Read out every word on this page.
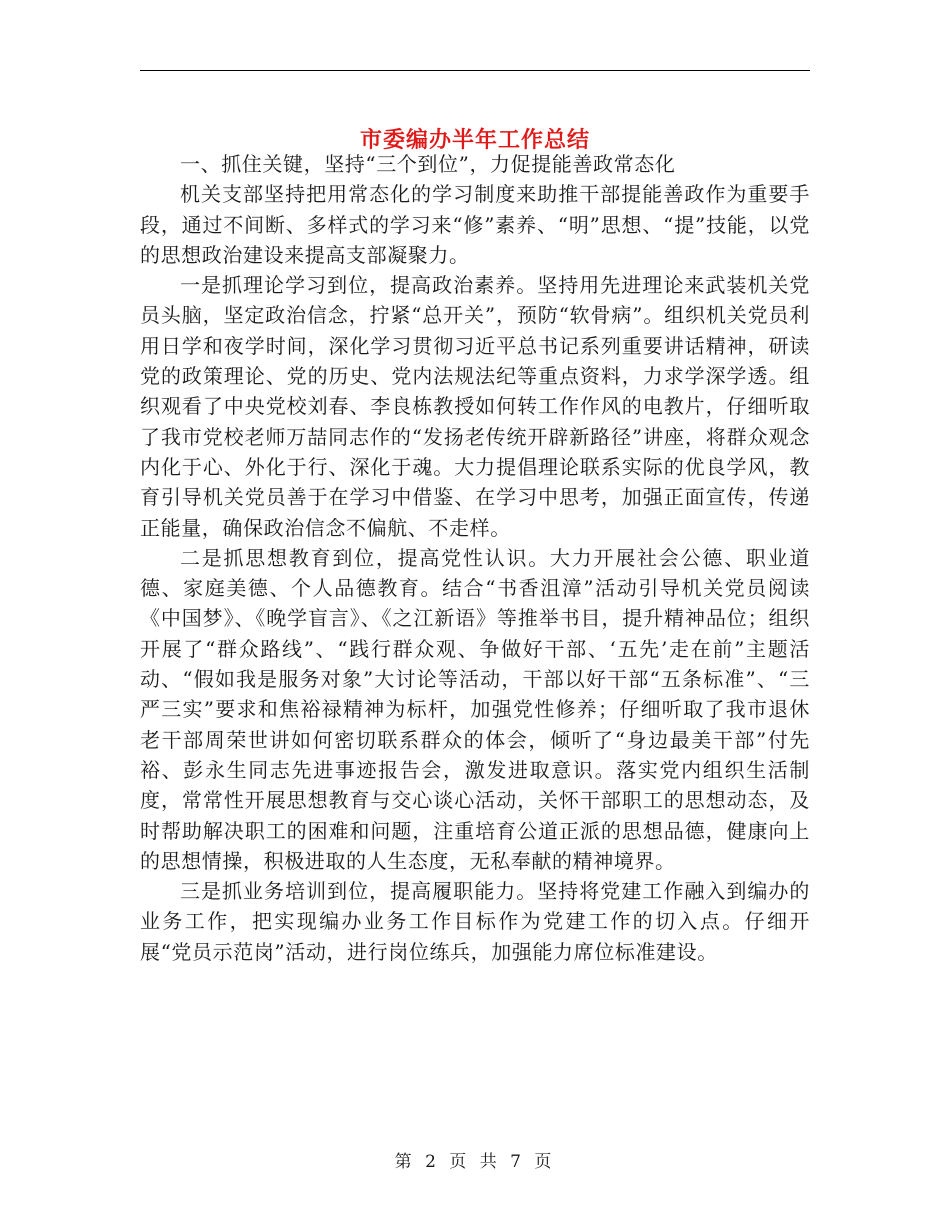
市委编办半年工作总结

一、抓住关键，坚持“三个到位”，力促提能善政常态化

机关支部坚持把用常态化的学习制度来助推干部提能善政作为重要手段，通过不间断、多样式的学习来“修”素养、“明”思想、“提”技能，以党的思想政治建设来提高支部凝聚力。

一是抓理论学习到位，提高政治素养。坚持用先进理论来武装机关党员头脑，坚定政治信念，拧紧“总开关”，预防“软骨病”。组织机关党员利用日学和夜学时间，深化学习贯彻习近平总书记系列重要讲话精神，研读党的政策理论、党的历史、党内法规法纪等重点资料，力求学深学透。组织观看了中央党校刘春、李良栋教授如何转工作作风的电教片，仔细听取了我市党校老师万喆同志作的“发扬老传统开辟新路径”讲座，将群众观念内化于心、外化于行、深化于魂。大力提倡理论联系实际的优良学风，教育引导机关党员善于在学习中借鉴、在学习中思考，加强正面宣传，传递正能量，确保政治信念不偏航、不走样。

二是抓思想教育到位，提高党性认识。大力开展社会公德、职业道德、家庭美德、个人品德教育。结合“书香沮漳”活动引导机关党员阅读《中国梦》、《晚学盲言》、《之江新语》等推举书目，提升精神品位；组织开展了“群众路线”、“践行群众观、争做好干部、‘五先’走在前”主题活动、“假如我是服务对象”大讨论等活动，干部以好干部“五条标准”、“三严三实”要求和焦裕禄精神为标杆，加强党性修养；仔细听取了我市退休老干部周荣世讲如何密切联系群众的体会，倾听了“身边最美干部”付先裕、彭永生同志先进事迹报告会，激发进取意识。落实党内组织生活制度，常常性开展思想教育与交心谈心活动，关怀干部职工的思想动态，及时帮助解决职工的困难和问题，注重培育公道正派的思想品德，健康向上的思想情操，积极进取的人生态度，无私奉献的精神境界。

三是抓业务培训到位，提高履职能力。坚持将党建工作融入到编办的业务工作，把实现编办业务工作目标作为党建工作的切入点。仔细开展“党员示范岗”活动，进行岗位练兵，加强能力席位标准建设。

第 2 页 共 7 页
